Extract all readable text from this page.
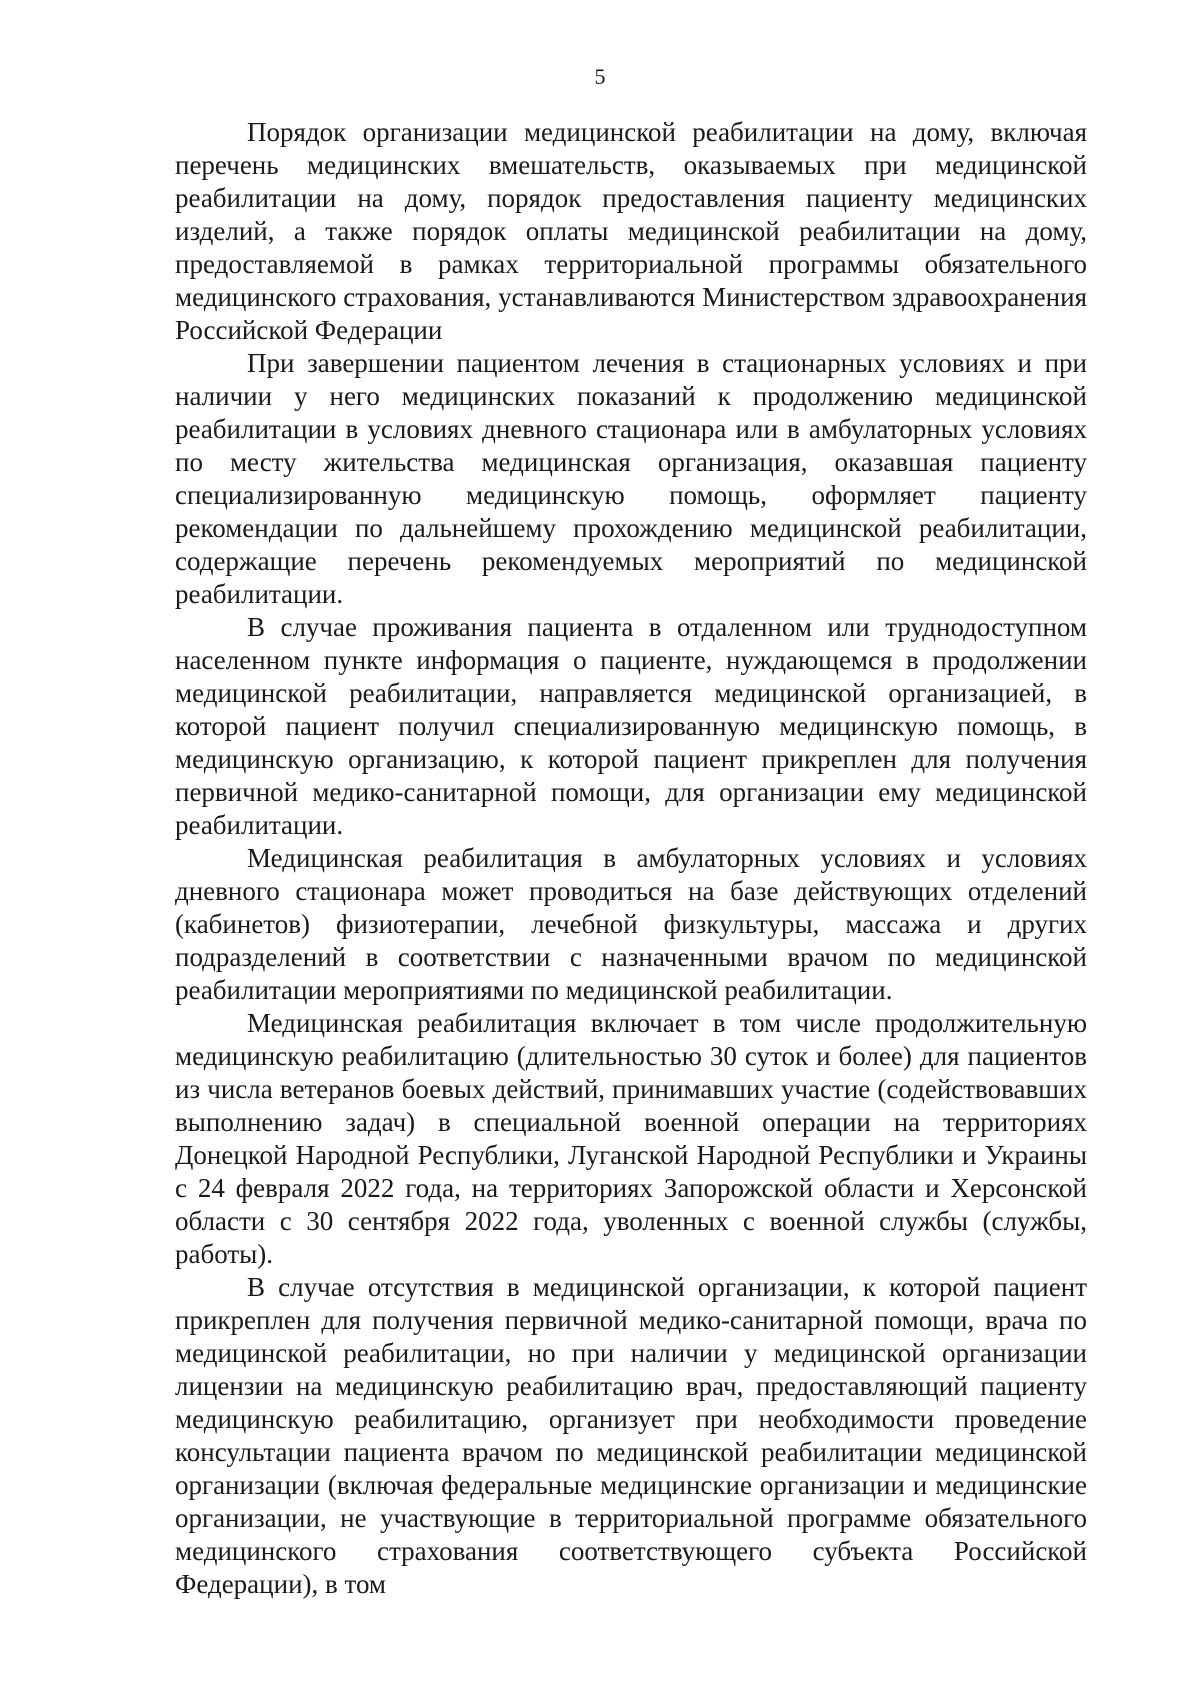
5

Порядок организации медицинской реабилитации на дому, включая перечень медицинских вмешательств, оказываемых при медицинской реабилитации на дому, порядок предоставления пациенту медицинских изделий, а также порядок оплаты медицинской реабилитации на дому, предоставляемой в рамках территориальной программы обязательного медицинского страхования, устанавливаются Министерством здравоохранения Российской Федерации

При завершении пациентом лечения в стационарных условиях и при наличии у него медицинских показаний к продолжению медицинской реабилитации в условиях дневного стационара или в амбулаторных условиях по месту жительства медицинская организация, оказавшая пациенту специализированную медицинскую помощь, оформляет пациенту рекомендации по дальнейшему прохождению медицинской реабилитации, содержащие перечень рекомендуемых мероприятий по медицинской реабилитации.

В случае проживания пациента в отдаленном или труднодоступном населенном пункте информация о пациенте, нуждающемся в продолжении медицинской реабилитации, направляется медицинской организацией, в которой пациент получил специализированную медицинскую помощь, в медицинскую организацию, к которой пациент прикреплен для получения первичной медико-санитарной помощи, для организации ему медицинской реабилитации.

Медицинская реабилитация в амбулаторных условиях и условиях дневного стационара может проводиться на базе действующих отделений (кабинетов) физиотерапии, лечебной физкультуры, массажа и других подразделений в соответствии с назначенными врачом по медицинской реабилитации мероприятиями по медицинской реабилитации.

Медицинская реабилитация включает в том числе продолжительную медицинскую реабилитацию (длительностью 30 суток и более) для пациентов из числа ветеранов боевых действий, принимавших участие (содействовавших выполнению задач) в специальной военной операции на территориях Донецкой Народной Республики, Луганской Народной Республики и Украины с 24 февраля 2022 года, на территориях Запорожской области и Херсонской области с 30 сентября 2022 года, уволенных с военной службы (службы, работы).

В случае отсутствия в медицинской организации, к которой пациент прикреплен для получения первичной медико-санитарной помощи, врача по медицинской реабилитации, но при наличии у медицинской организации лицензии на медицинскую реабилитацию врач, предоставляющий пациенту медицинскую реабилитацию, организует при необходимости проведение консультации пациента врачом по медицинской реабилитации медицинской организации (включая федеральные медицинские организации и медицинские организации, не участвующие в территориальной программе обязательного медицинского страхования соответствующего субъекта Российской Федерации), в том
